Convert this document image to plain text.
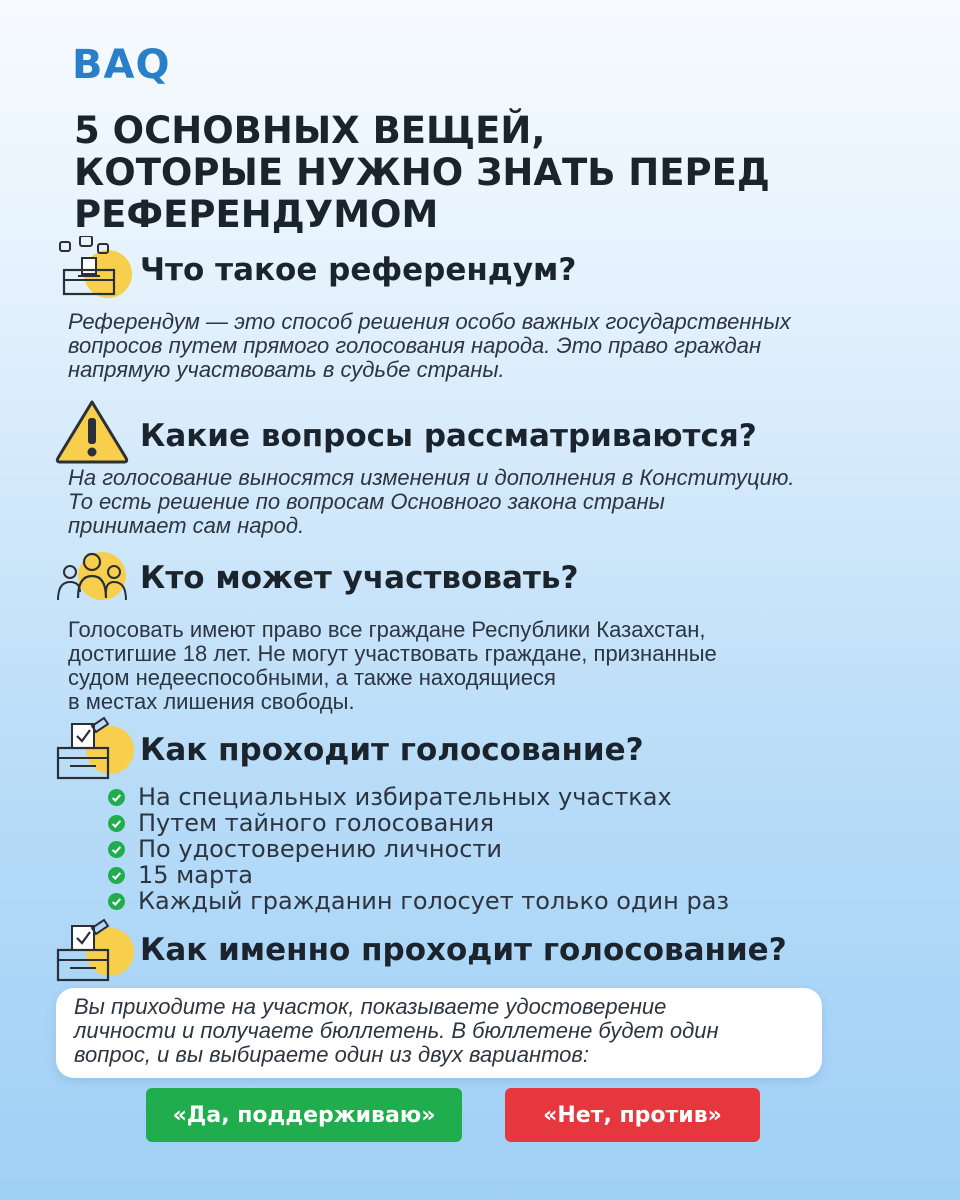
BAQ
5 ОСНОВНЫХ ВЕЩЕЙ,
КОТОРЫЕ НУЖНО ЗНАТЬ ПЕРЕД
РЕФЕРЕНДУМОМ
Что такое референдум?

Референдум — это способ решения особо важных государственных
вопросов путем прямого голосования народа. Это право граждан
напрямую участвовать в судьбе страны.

Какие вопросы рассматриваются?

На голосование выносятся изменения и дополнения в Конституцию.
То есть решение по вопросам Основного закона страны
принимает сам народ.

Кто может участвовать?

Голосовать имеют право все граждане Республики Казахстан,
достигшие 18 лет. Не могут участвовать граждане, признанные
судом недееспособными, а также находящиеся
в местах лишения свободы.

Как проходит голосование?
На специальных избирательных участках
Путем тайного голосования
По удостоверению личности
15 марта
Каждый гражданин голосует только один раз
Как именно проходит голосование?

Вы приходите на участок, показываете удостоверение
личности и получаете бюллетень. В бюллетене будет один
вопрос, и вы выбираете один из двух вариантов:

«Да, поддерживаю»	«Нет, против»
